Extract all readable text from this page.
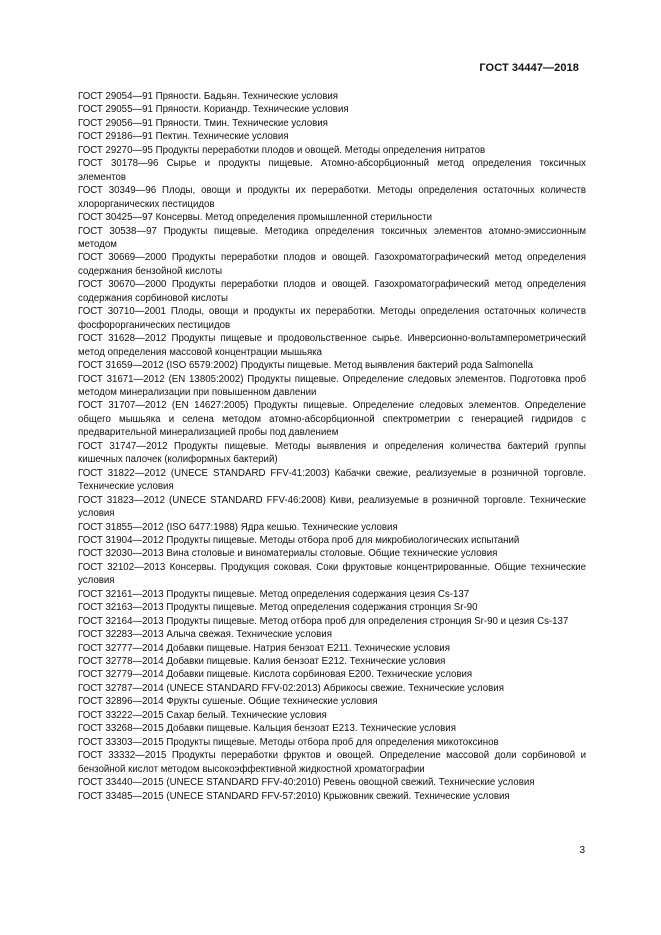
ГОСТ 34447—2018
ГОСТ 29054—91 Пряности. Бадьян. Технические условия
ГОСТ 29055—91 Пряности. Кориандр. Технические условия
ГОСТ 29056—91 Пряности. Тмин. Технические условия
ГОСТ 29186—91 Пектин. Технические условия
ГОСТ 29270—95 Продукты переработки плодов и овощей. Методы определения нитратов
ГОСТ 30178—96 Сырье и продукты пищевые. Атомно-абсорбционный метод определения токсичных элементов
ГОСТ 30349—96 Плоды, овощи и продукты их переработки. Методы определения остаточных количеств хлорорганических пестицидов
ГОСТ 30425—97 Консервы. Метод определения промышленной стерильности
ГОСТ 30538—97 Продукты пищевые. Методика определения токсичных элементов атомно-эмиссионным методом
ГОСТ 30669—2000 Продукты переработки плодов и овощей. Газохроматографический метод определения содержания бензойной кислоты
ГОСТ 30670—2000 Продукты переработки плодов и овощей. Газохроматографический метод определения содержания сорбиновой кислоты
ГОСТ 30710—2001 Плоды, овощи и продукты их переработки. Методы определения остаточных количеств фосфорорганических пестицидов
ГОСТ 31628—2012 Продукты пищевые и продовольственное сырье. Инверсионно-вольтамперометрический метод определения массовой концентрации мышьяка
ГОСТ 31659—2012 (ISO 6579:2002) Продукты пищевые. Метод выявления бактерий рода Salmonella
ГОСТ 31671—2012 (EN 13805:2002) Продукты пищевые. Определение следовых элементов. Подготовка проб методом минерализации при повышенном давлении
ГОСТ 31707—2012 (EN 14627:2005) Продукты пищевые. Определение следовых элементов. Определение общего мышьяка и селена методом атомно-абсорбционной спектрометрии с генерацией гидридов с предварительной минерализацией пробы под давлением
ГОСТ 31747—2012 Продукты пищевые. Методы выявления и определения количества бактерий группы кишечных палочек (колиформных бактерий)
ГОСТ 31822—2012 (UNECE STANDARD FFV-41:2003) Кабачки свежие, реализуемые в розничной торговле. Технические условия
ГОСТ 31823—2012 (UNECE STANDARD FFV-46:2008) Киви, реализуемые в розничной торговле. Технические условия
ГОСТ 31855—2012 (ISO 6477:1988) Ядра кешью. Технические условия
ГОСТ 31904—2012 Продукты пищевые. Методы отбора проб для микробиологических испытаний
ГОСТ 32030—2013 Вина столовые и виноматериалы столовые. Общие технические условия
ГОСТ 32102—2013 Консервы. Продукция соковая. Соки фруктовые концентрированные. Общие технические условия
ГОСТ 32161—2013 Продукты пищевые. Метод определения содержания цезия Cs-137
ГОСТ 32163—2013 Продукты пищевые. Метод определения содержания стронция Sr-90
ГОСТ 32164—2013 Продукты пищевые. Метод отбора проб для определения стронция Sr-90 и цезия Cs-137
ГОСТ 32283—2013 Алыча свежая. Технические условия
ГОСТ 32777—2014 Добавки пищевые. Натрия бензоат E211. Технические условия
ГОСТ 32778—2014 Добавки пищевые. Калия бензоат E212. Технические условия
ГОСТ 32779—2014 Добавки пищевые. Кислота сорбиновая E200. Технические условия
ГОСТ 32787—2014 (UNECE STANDARD FFV-02:2013) Абрикосы свежие. Технические условия
ГОСТ 32896—2014 Фрукты сушеные. Общие технические условия
ГОСТ 33222—2015 Сахар белый. Технические условия
ГОСТ 33268—2015 Добавки пищевые. Кальция бензоат E213. Технические условия
ГОСТ 33303—2015 Продукты пищевые. Методы отбора проб для определения микотоксинов
ГОСТ 33332—2015 Продукты переработки фруктов и овощей. Определение массовой доли сорбиновой и бензойной кислот методом высокоэффективной жидкостной хроматографии
ГОСТ 33440—2015 (UNECE STANDARD FFV-40:2010) Ревень овощной свежий. Технические условия
ГОСТ 33485—2015 (UNECE STANDARD FFV-57:2010) Крыжовник свежий. Технические условия
3
